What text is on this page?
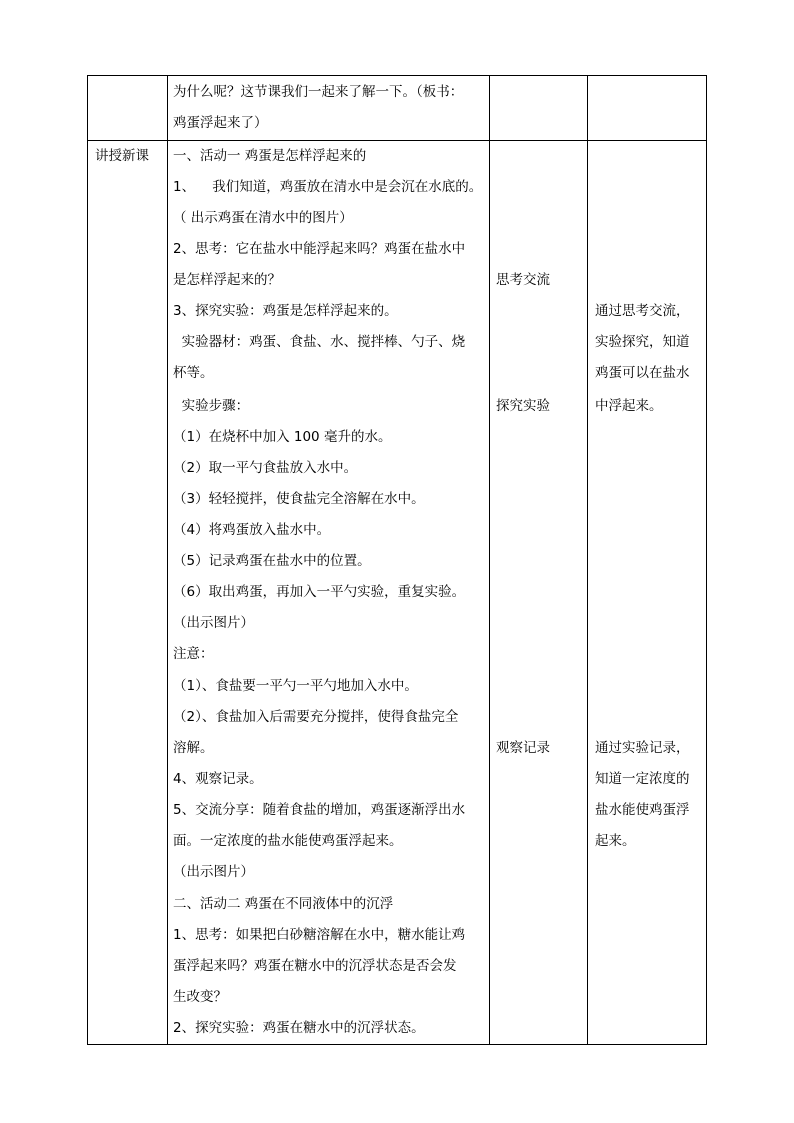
为什么呢？这节课我们一起来了解一下。（板书：
鸡蛋浮起来了）
讲授新课 一、活动一 鸡蛋是怎样浮起来的
1、    我们知道，鸡蛋放在清水中是会沉在水底的。
（ 出示鸡蛋在清水中的图片）
2、思考：它在盐水中能浮起来吗？鸡蛋在盐水中
是怎样浮起来的？
3、探究实验：鸡蛋是怎样浮起来的。
实验器材：鸡蛋、食盐、水、搅拌棒、勺子、烧
杯等。
实验步骤：
（1）在烧杯中加入 100 毫升的水。
（2）取一平勺食盐放入水中。
（3）轻轻搅拌，使食盐完全溶解在水中。
（4）将鸡蛋放入盐水中。
（5）记录鸡蛋在盐水中的位置。
（6）取出鸡蛋，再加入一平勺实验，重复实验。
（出示图片）
注意：
（1）、食盐要一平勺一平勺地加入水中。
（2）、食盐加入后需要充分搅拌，使得食盐完全
溶解。
4、观察记录。
5、交流分享：随着食盐的增加，鸡蛋逐渐浮出水
面。一定浓度的盐水能使鸡蛋浮起来。
（出示图片）
二、活动二 鸡蛋在不同液体中的沉浮
1、思考：如果把白砂糖溶解在水中，糖水能让鸡
蛋浮起来吗？鸡蛋在糖水中的沉浮状态是否会发
生改变？
2、探究实验：鸡蛋在糖水中的沉浮状态。
思考交流
探究实验
观察记录
通过思考交流，
实验探究，知道
鸡蛋可以在盐水
中浮起来。
通过实验记录，
知道一定浓度的
盐水能使鸡蛋浮
起来。
